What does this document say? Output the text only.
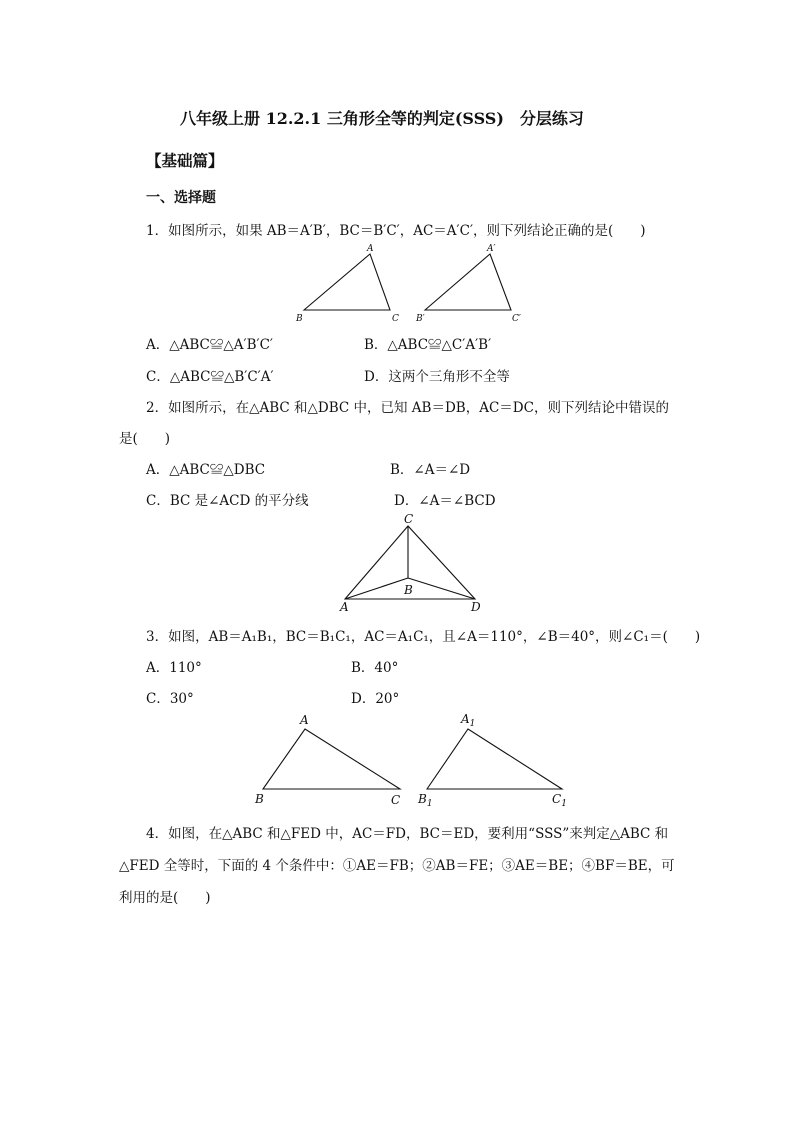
八年级上册 12.2.1 三角形全等的判定(SSS)　分层练习
【基础篇】
一、选择题
1．如图所示，如果 AB＝A′B′，BC＝B′C′，AC＝A′C′，则下列结论正确的是(　　)
A
B	C
A′
B′	C′
A．△ABC≌△A′B′C′	B．△ABC≌△C′A′B′
C．△ABC≌△B′C′A′	D．这两个三角形不全等
2．如图所示，在△ABC 和△DBC 中，已知 AB＝DB，AC＝DC，则下列结论中错误的
是(　　)
A．△ABC≌△DBC	B．∠A＝∠D
C．BC 是∠ACD 的平分线	D．∠A＝∠BCD
C
B
A	D
3．如图，AB＝A₁B₁，BC＝B₁C₁，AC＝A₁C₁，且∠A＝110°，∠B＝40°，则∠C₁＝(　　)
A．110°	B．40°
C．30°	D．20°
A
B	C
$A_1$
$B_1$	$C_1$
4．如图，在△ABC 和△FED 中，AC＝FD，BC＝ED，要利用“SSS”来判定△ABC 和
△FED 全等时，下面的 4 个条件中：①AE＝FB；②AB＝FE；③AE＝BE；④BF＝BE，可
利用的是(　　)
